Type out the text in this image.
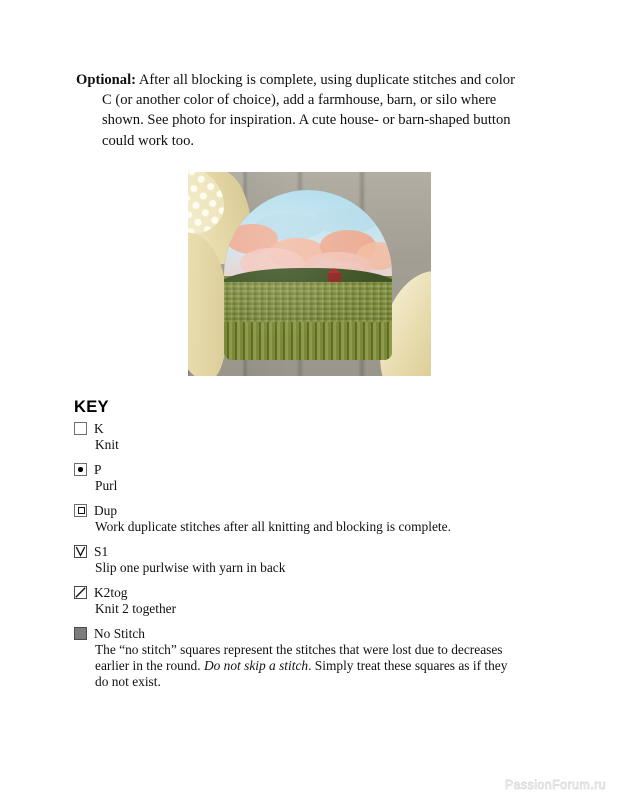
Optional: After all blocking is complete, using duplicate stitches and color C (or another color of choice), add a farmhouse, barn, or silo where shown. See photo for inspiration. A cute house- or barn-shaped button could work too.

KEY
K
Knit
P
Purl
Dup
Work duplicate stitches after all knitting and blocking is complete.
S1
Slip one purlwise with yarn in back
K2tog
Knit 2 together
No Stitch
The “no stitch” squares represent the stitches that were lost due to decreases earlier in the round. Do not skip a stitch. Simply treat these squares as if they do not exist.
PassionForum.ru
